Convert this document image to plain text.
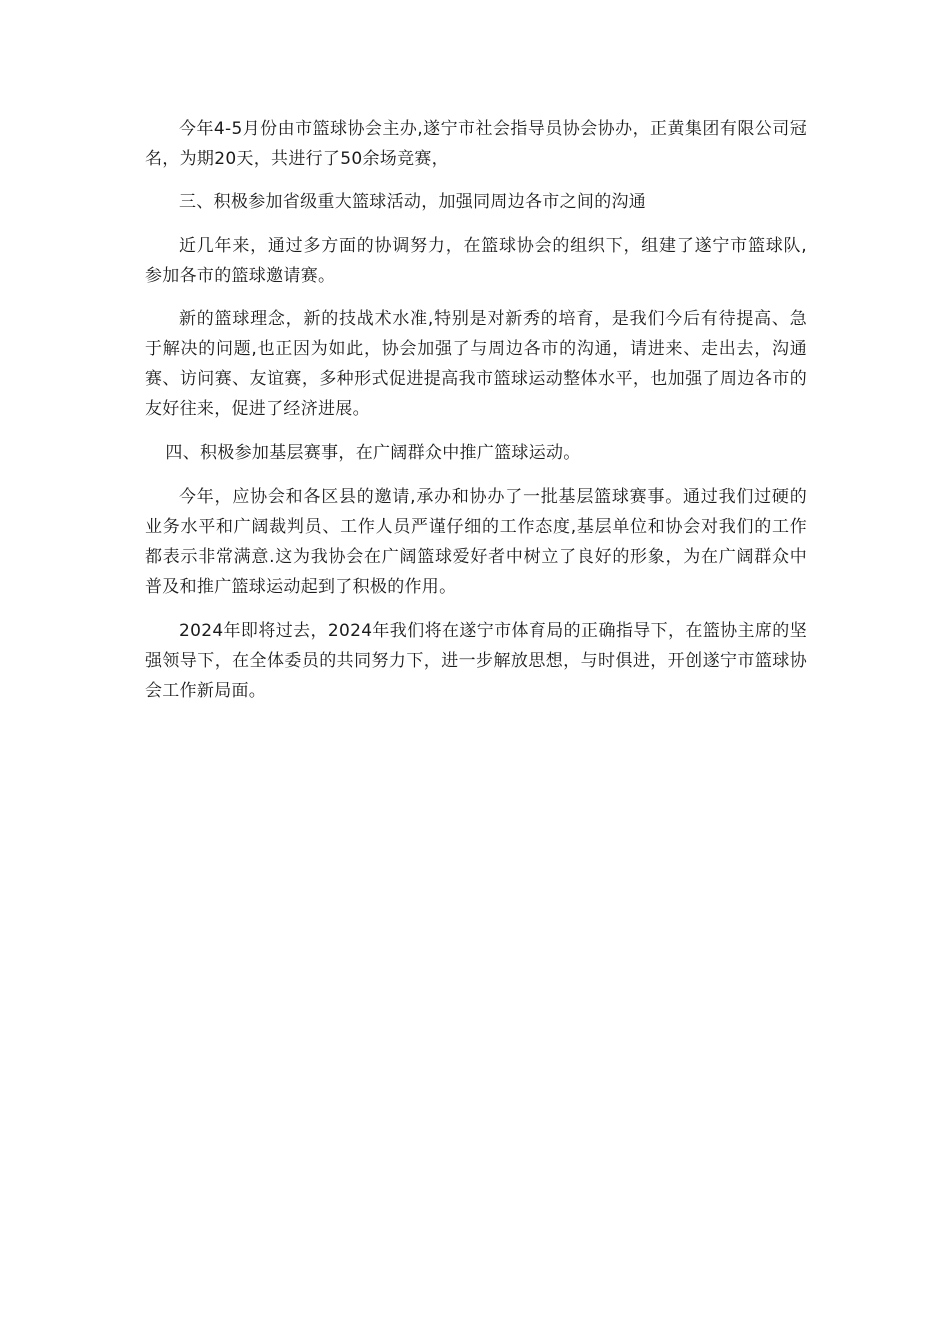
今年4-5月份由市篮球协会主办,遂宁市社会指导员协会协办，正黄集团有限公司冠名，为期20天，共进行了50余场竞赛，

三、积极参加省级重大篮球活动，加强同周边各市之间的沟通

近几年来，通过多方面的协调努力，在篮球协会的组织下，组建了遂宁市篮球队,参加各市的篮球邀请赛。

新的篮球理念，新的技战术水准,特别是对新秀的培育，是我们今后有待提高、急于解决的问题,也正因为如此，协会加强了与周边各市的沟通，请进来、走出去，沟通赛、访问赛、友谊赛，多种形式促进提高我市篮球运动整体水平，也加强了周边各市的友好往来，促进了经济进展。

四、积极参加基层赛事，在广阔群众中推广篮球运动。

今年，应协会和各区县的邀请,承办和协办了一批基层篮球赛事。通过我们过硬的业务水平和广阔裁判员、工作人员严谨仔细的工作态度,基层单位和协会对我们的工作都表示非常满意.这为我协会在广阔篮球爱好者中树立了良好的形象，为在广阔群众中普及和推广篮球运动起到了积极的作用。

2024年即将过去，2024年我们将在遂宁市体育局的正确指导下，在篮协主席的坚强领导下，在全体委员的共同努力下，进一步解放思想，与时俱进，开创遂宁市篮球协会工作新局面。
